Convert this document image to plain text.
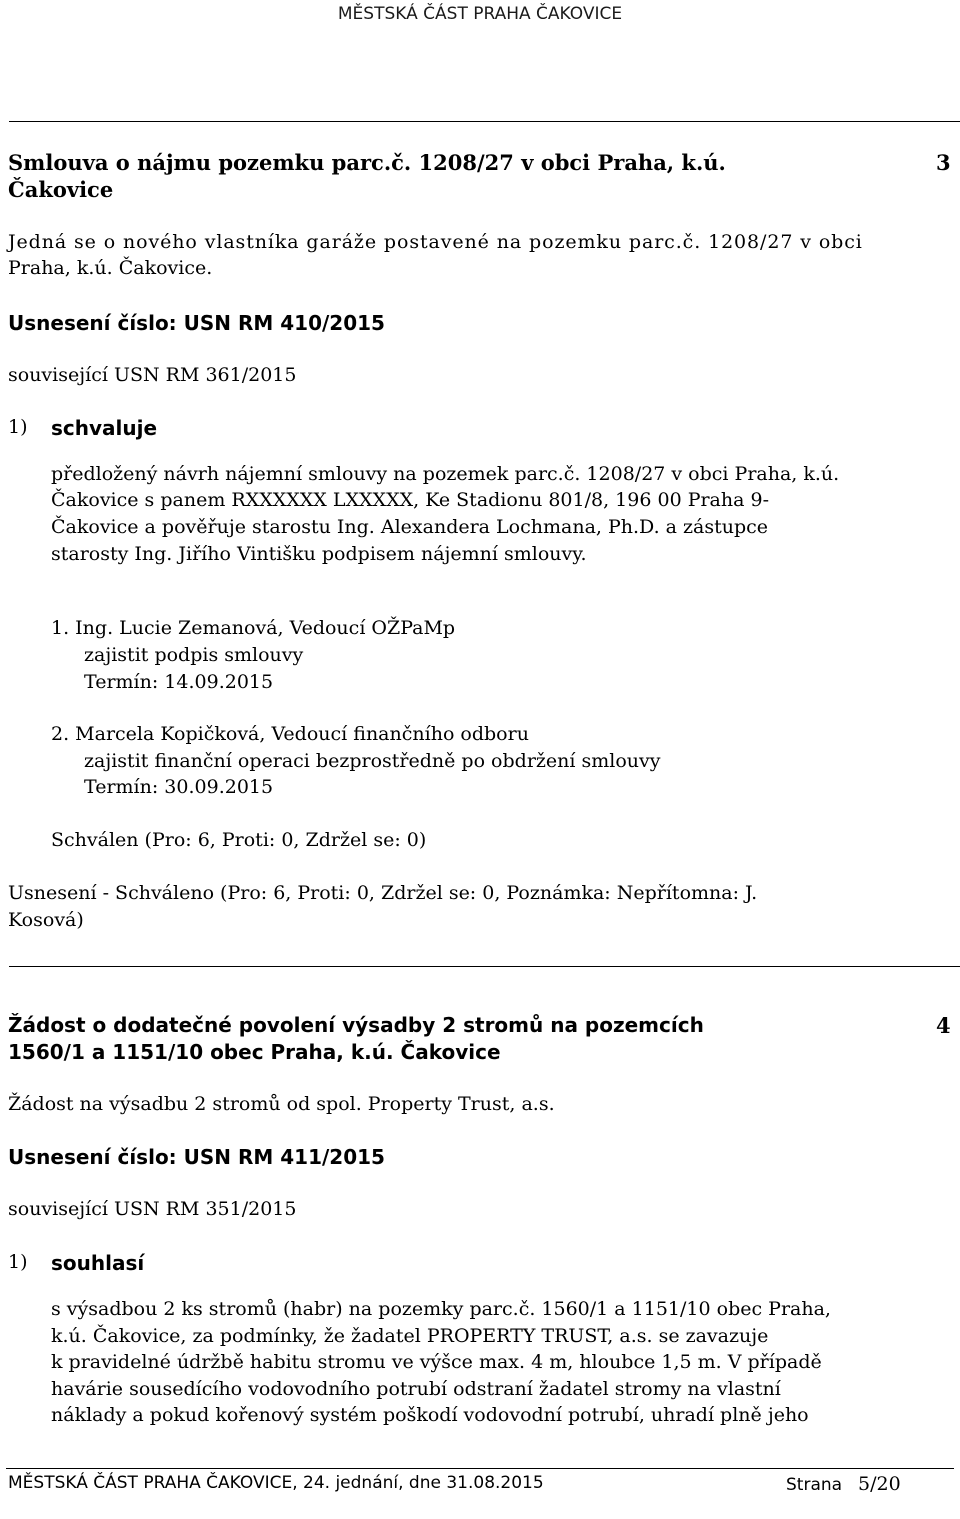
MĚSTSKÁ ČÁST PRAHA ČAKOVICE
Smlouva o nájmu pozemku parc.č. 1208/27 v obci Praha, k.ú.
Čakovice
3
Jedná se o nového vlastníka garáže postavené na pozemku parc.č. 1208/27 v obci
Praha, k.ú. Čakovice.
Usnesení číslo: USN RM 410/2015
související USN RM 361/2015
1) schvaluje
předložený návrh nájemní smlouvy na pozemek parc.č. 1208/27 v obci Praha, k.ú.
Čakovice s panem RXXXXXX LXXXXX, Ke Stadionu 801/8, 196 00 Praha 9-
Čakovice a pověřuje starostu Ing. Alexandera Lochmana, Ph.D. a zástupce
starosty Ing. Jiřího Vintišku podpisem nájemní smlouvy.
1. Ing. Lucie Zemanová, Vedoucí OŽPaMp
zajistit podpis smlouvy
Termín: 14.09.2015
2. Marcela Kopičková, Vedoucí finančního odboru
zajistit finanční operaci bezprostředně po obdržení smlouvy
Termín: 30.09.2015
Schválen (Pro: 6, Proti: 0, Zdržel se: 0)
Usnesení - Schváleno (Pro: 6, Proti: 0, Zdržel se: 0, Poznámka: Nepřítomna: J.
Kosová)
Žádost o dodatečné povolení výsadby 2 stromů na pozemcích
1560/1 a 1151/10 obec Praha, k.ú. Čakovice
4
Žádost na výsadbu 2 stromů od spol. Property Trust, a.s.
Usnesení číslo: USN RM 411/2015
související USN RM 351/2015
1) souhlasí
s výsadbou 2 ks stromů (habr) na pozemky parc.č. 1560/1 a 1151/10 obec Praha,
k.ú. Čakovice, za podmínky, že žadatel PROPERTY TRUST, a.s. se zavazuje
k pravidelné údržbě habitu stromu ve výšce max. 4 m, hloubce 1,5 m. V případě
havárie sousedícího vodovodního potrubí odstraní žadatel stromy na vlastní
náklady a pokud kořenový systém poškodí vodovodní potrubí, uhradí plně jeho
MĚSTSKÁ ČÁST PRAHA ČAKOVICE, 24. jednání, dne 31.08.2015	Strana 5/20
